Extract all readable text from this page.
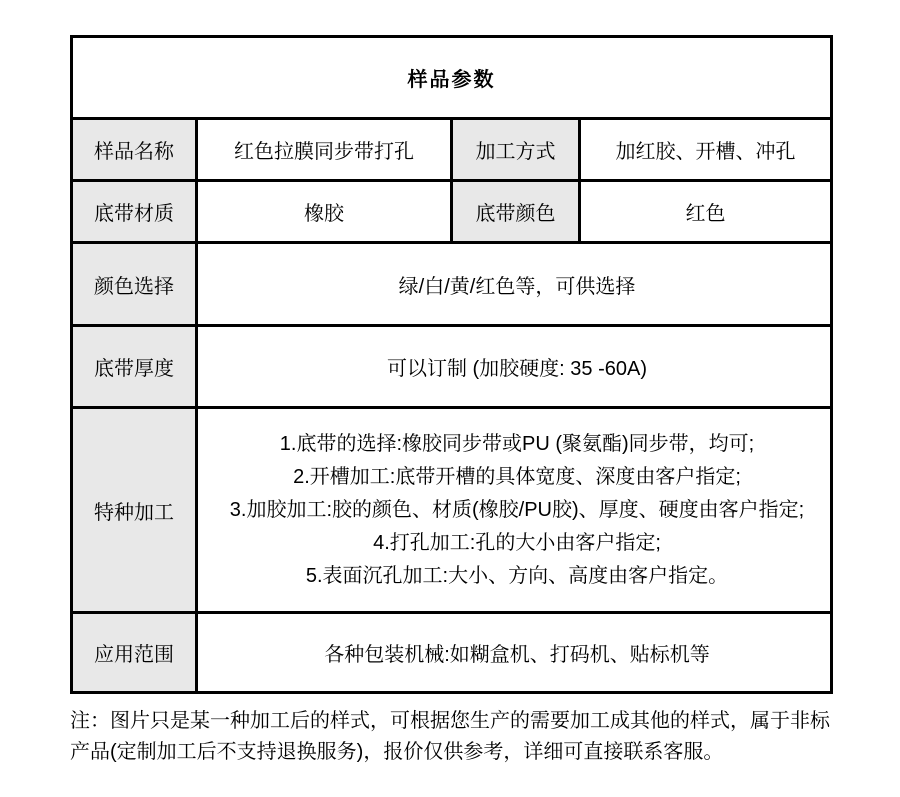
样品参数			
样品名称	红色拉膜同步带打孔	加工方式	加红胶、开槽、冲孔
底带材质	橡胶	底带颜色	红色
颜色选择	绿/白/黄/红色等，可供选择		
底带厚度	可以订制 (加胶硬度: 35 -60A)		
特种加工	1.底带的选择:橡胶同步带或PU (聚氨酯)同步带，均可;
2.开槽加工:底带开槽的具体宽度、深度由客户指定;
3.加胶加工:胶的颜色、材质(橡胶/PU胶)、厚度、硬度由客户指定;
4.打孔加工:孔的大小由客户指定;
5.表面沉孔加工:大小、方向、高度由客户指定。		

应用范围	各种包装机械:如糊盒机、打码机、贴标机等		
注：图片只是某一种加工后的样式，可根据您生产的需要加工成其他的样式，属于非标产品(定制加工后不支持退换服务)，报价仅供参考，详细可直接联系客服。
